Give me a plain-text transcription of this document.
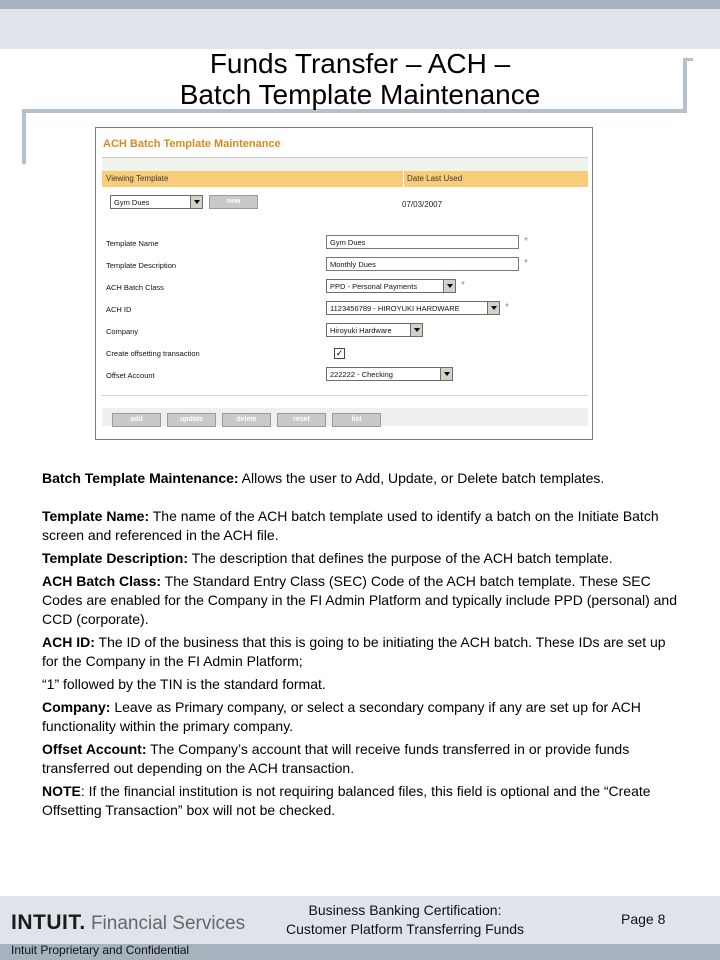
Funds Transfer – ACH –
Batch Template Maintenance
ACH Batch Template Maintenance
Viewing Template	Date Last Used
Gym Dues	new	07/03/2007
Template Name	Gym Dues	*
Template Description	Monthly Dues	*
ACH Batch Class	PPD - Personal Payments	*
ACH ID	1123456789 - HIROYUKI HARDWARE	*
Company	Hiroyuki Hardware
Create offsetting transaction	✓
Offset Account	222222 - Checking
add	update	delete	reset	list
Batch Template Maintenance: Allows the user to Add, Update, or Delete batch templates.
Template Name: The name of the ACH batch template used to identify a batch on the Initiate Batch screen and referenced in the ACH file.
Template Description: The description that defines the purpose of the ACH batch template.
ACH Batch Class: The Standard Entry Class (SEC) Code of the ACH batch template. These SEC Codes are enabled for the Company in the FI Admin Platform and typically include PPD (personal) and CCD (corporate).
ACH ID: The ID of the business that this is going to be initiating the ACH batch. These IDs are set up for the Company in the FI Admin Platform;
“1” followed by the TIN is the standard format.
Company: Leave as Primary company, or select a secondary company if any are set up for ACH functionality within the primary company.
Offset Account: The Company’s account that will receive funds transferred in or provide funds transferred out depending on the ACH transaction.
NOTE: If the financial institution is not requiring balanced files, this field is optional and the “Create Offsetting Transaction” box will not be checked.
INTUIT. Financial Services
Business Banking Certification:
Customer Platform Transferring Funds
Page 8
Intuit Proprietary and Confidential
